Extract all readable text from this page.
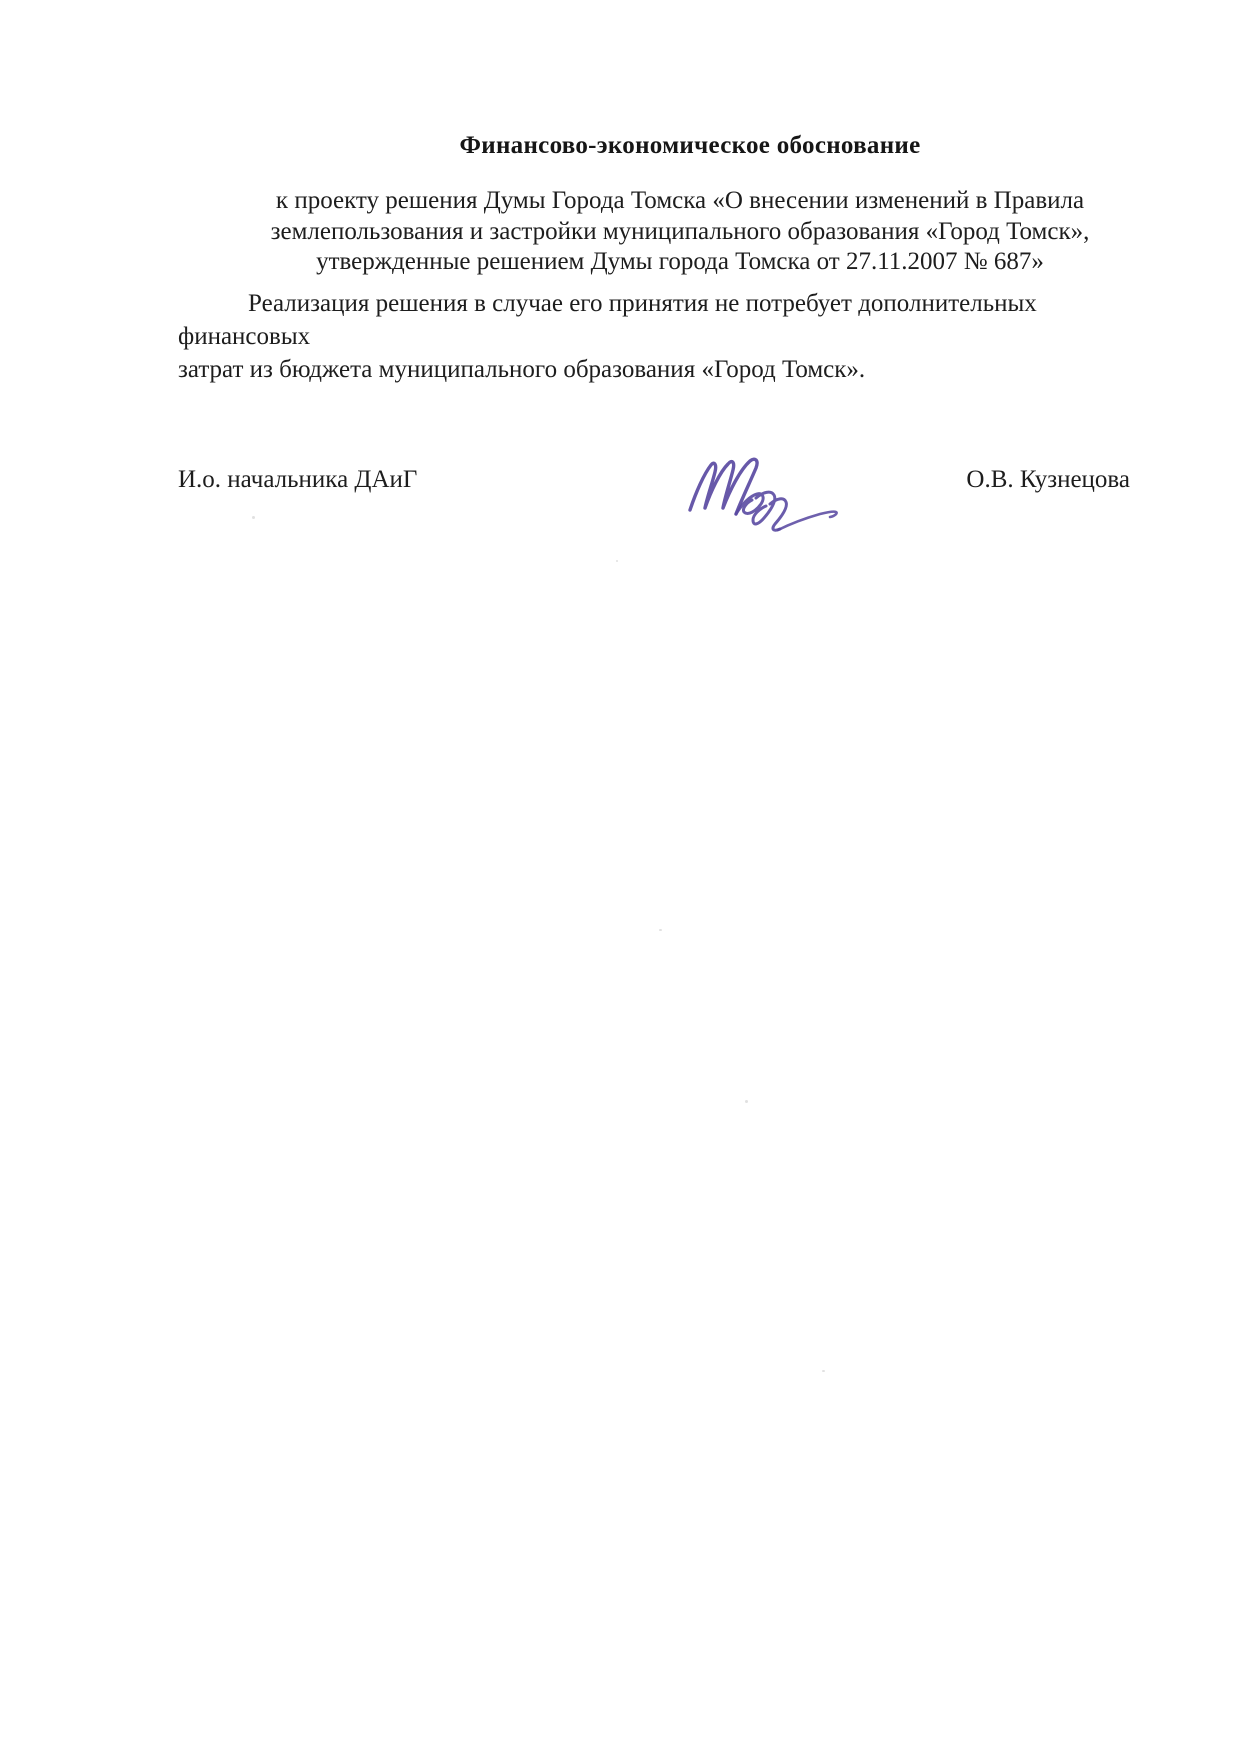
Финансово-экономическое обоснование
к проекту решения Думы Города Томска «О внесении изменений в Правила
землепользования и застройки муниципального образования «Город Томск»,
утвержденные решением Думы города Томска от 27.11.2007 № 687»

Реализация решения в случае его принятия не потребует дополнительных финансовых
затрат из бюджета муниципального образования «Город Томск».

И.о. начальника ДАиГ	О.В. Кузнецова
